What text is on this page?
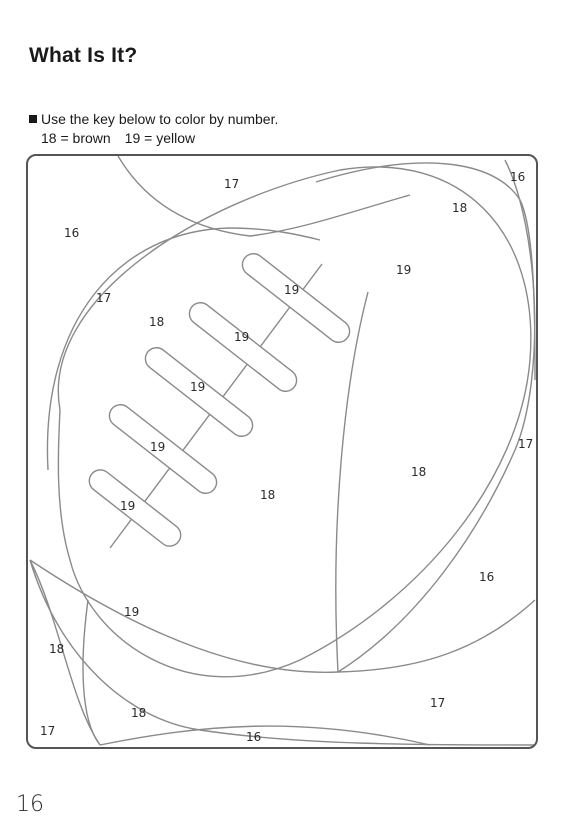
What Is It?
Use the key below to color by number.
18 = brown 19 = yellow
17	16
18
16
19
17
18
19
19
19
19
19
17
18
18
16
19
18
17
18
17	16
16
